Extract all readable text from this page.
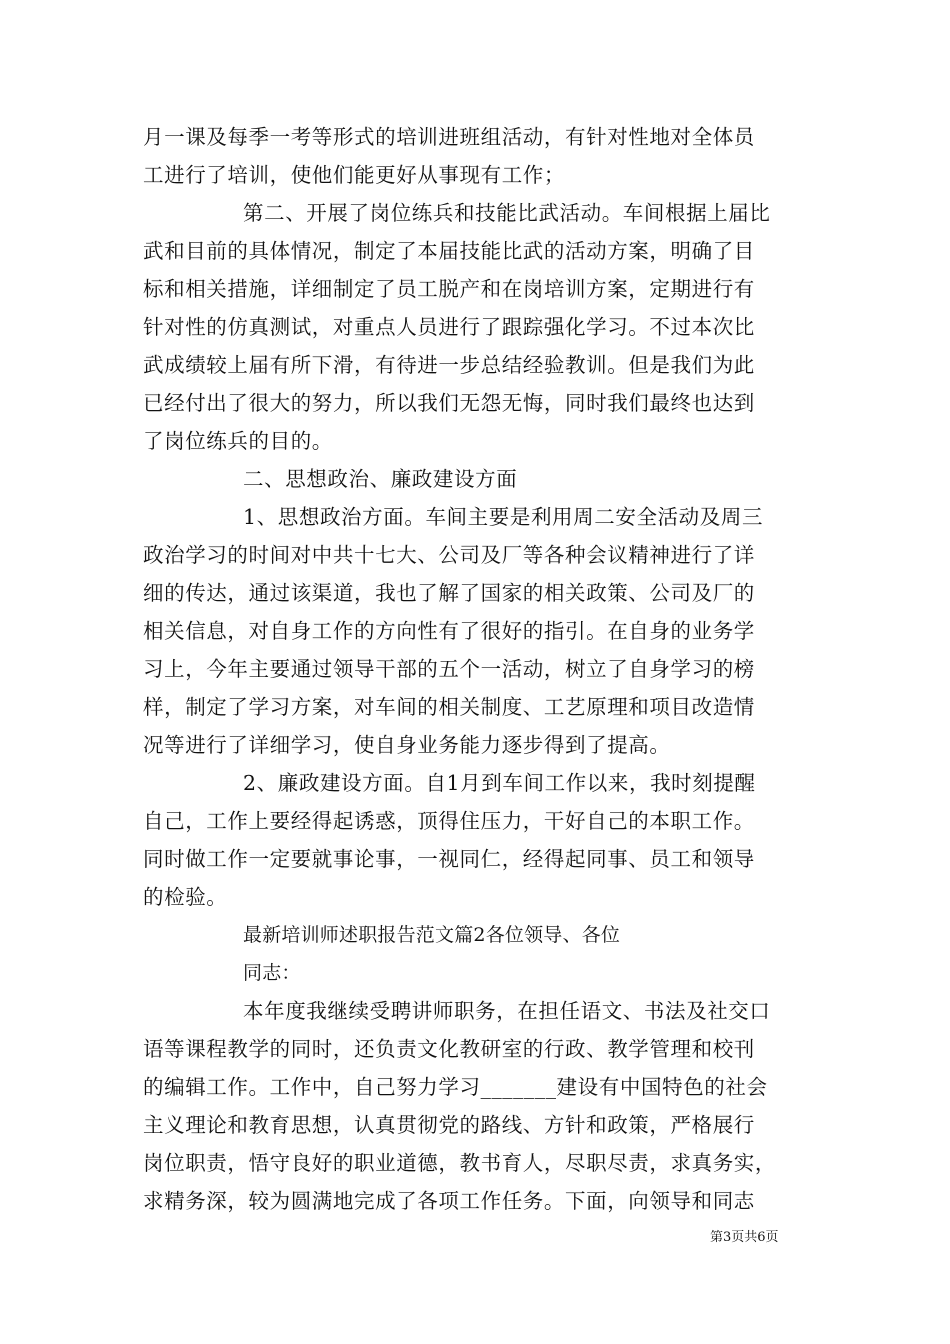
月一课及每季一考等形式的培训进班组活动，有针对性地对全体员
工进行了培训，使他们能更好从事现有工作；
第二、开展了岗位练兵和技能比武活动。车间根据上届比
武和目前的具体情况，制定了本届技能比武的活动方案，明确了目
标和相关措施，详细制定了员工脱产和在岗培训方案，定期进行有
针对性的仿真测试，对重点人员进行了跟踪强化学习。不过本次比
武成绩较上届有所下滑，有待进一步总结经验教训。但是我们为此
已经付出了很大的努力，所以我们无怨无悔，同时我们最终也达到
了岗位练兵的目的。
二、思想政治、廉政建设方面
1、思想政治方面。车间主要是利用周二安全活动及周三
政治学习的时间对中共十七大、公司及厂等各种会议精神进行了详
细的传达，通过该渠道，我也了解了国家的相关政策、公司及厂的
相关信息，对自身工作的方向性有了很好的指引。在自身的业务学
习上，今年主要通过领导干部的五个一活动，树立了自身学习的榜
样，制定了学习方案，对车间的相关制度、工艺原理和项目改造情
况等进行了详细学习，使自身业务能力逐步得到了提高。
2、廉政建设方面。自1月到车间工作以来，我时刻提醒
自己，工作上要经得起诱惑，顶得住压力，干好自己的本职工作。
同时做工作一定要就事论事，一视同仁，经得起同事、员工和领导
的检验。
最新培训师述职报告范文篇2各位领导、各位
同志：
本年度我继续受聘讲师职务，在担任语文、书法及社交口
语等课程教学的同时，还负责文化教研室的行政、教学管理和校刊
的编辑工作。工作中，自己努力学习_______建设有中国特色的社会
主义理论和教育思想，认真贯彻党的路线、方针和政策，严格展行
岗位职责，悟守良好的职业道德，教书育人，尽职尽责，求真务实，
求精务深，较为圆满地完成了各项工作任务。下面，向领导和同志
第3页共6页
